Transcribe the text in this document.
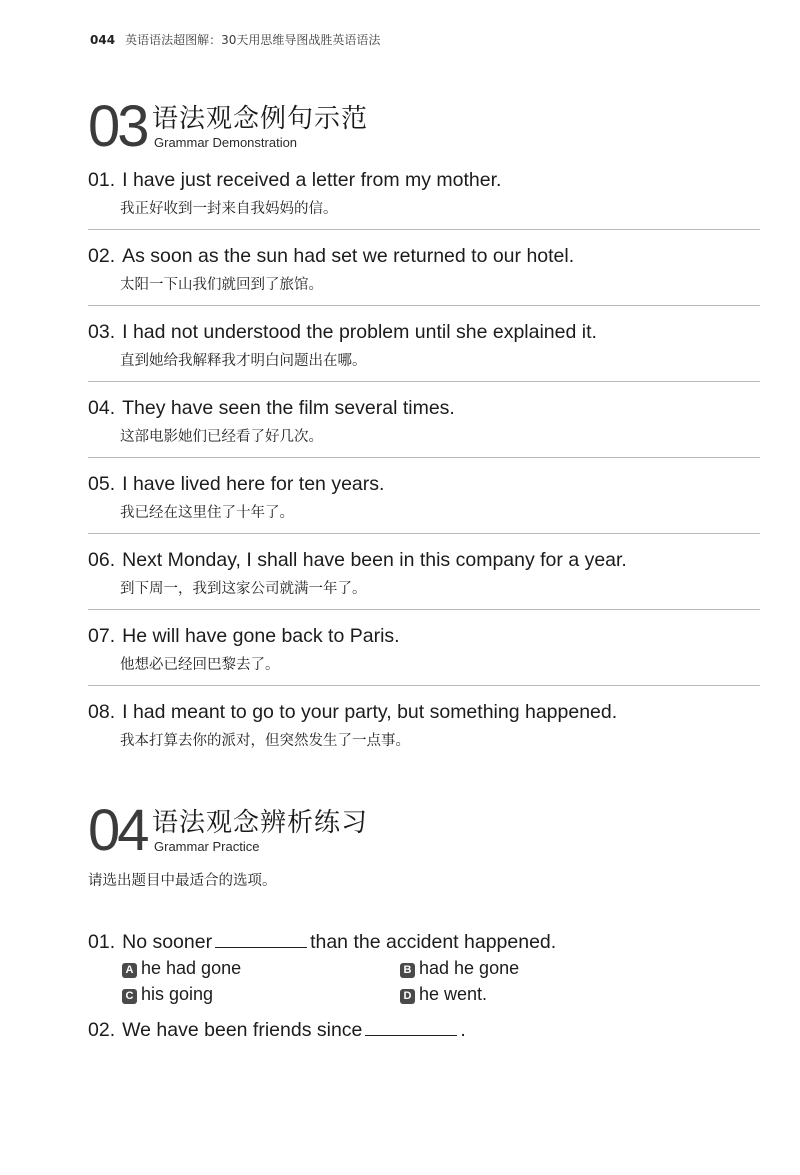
044 英语语法超图解：30天用思维导图战胜英语语法
03 语法观念例句示范
Grammar Demonstration
01. I have just received a letter from my mother.
我正好收到一封来自我妈妈的信。
02. As soon as the sun had set we returned to our hotel.
太阳一下山我们就回到了旅馆。
03. I had not understood the problem until she explained it.
直到她给我解释我才明白问题出在哪。
04. They have seen the film several times.
这部电影她们已经看了好几次。
05. I have lived here for ten years.
我已经在这里住了十年了。
06. Next Monday, I shall have been in this company for a year.
到下周一，我到这家公司就满一年了。
07. He will have gone back to Paris.
他想必已经回巴黎去了。
08. I had meant to go to your party, but something happened.
我本打算去你的派对，但突然发生了一点事。
04 语法观念辨析练习
Grammar Practice
请选出题目中最适合的选项。
01. No sooner	than the accident happened.
A he had gone	B had he gone
C his going	D he went.
02. We have been friends since	.
